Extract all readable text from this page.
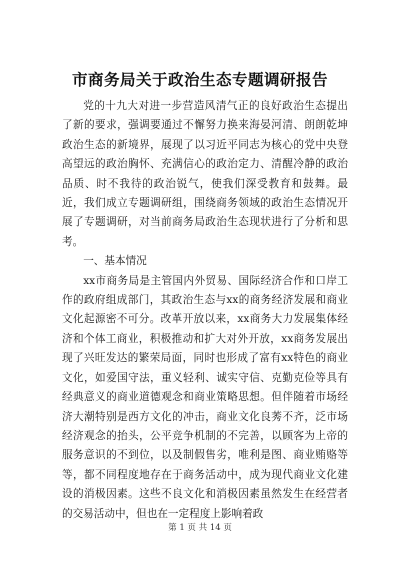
市商务局关于政治生态专题调研报告

党的十九大对进一步营造风清气正的良好政治生态提出了新的要求，强调要通过不懈努力换来海晏河清、朗朗乾坤政治生态的新境界，展现了以习近平同志为核心的党中央登高望远的政治胸怀、充满信心的政治定力、清醒冷静的政治品质、时不我待的政治锐气，使我们深受教育和鼓舞。最近，我们成立专题调研组，围绕商务领域的政治生态情况开展了专题调研，对当前商务局政治生态现状进行了分析和思考。

一、基本情况

xx市商务局是主管国内外贸易、国际经济合作和口岸工作的政府组成部门，其政治生态与xx的商务经济发展和商业文化起源密不可分。改革开放以来，xx商务大力发展集体经济和个体工商业，积极推动和扩大对外开放，xx商务发展出现了兴旺发达的繁荣局面，同时也形成了富有xx特色的商业文化，如爱国守法，重义轻利、诚实守信、克勤克俭等具有经典意义的商业道德观念和商业策略思想。但伴随着市场经济大潮特别是西方文化的冲击，商业文化良莠不齐，泛市场经济观念的抬头，公平竞争机制的不完善，以顾客为上帝的服务意识的不到位，以及制假售劣，唯利是图、商业贿赂等等，都不同程度地存在于商务活动中，成为现代商业文化建设的消极因素。这些不良文化和消极因素虽然发生在经营者的交易活动中，但也在一定程度上影响着政

第 1 页 共 14 页
